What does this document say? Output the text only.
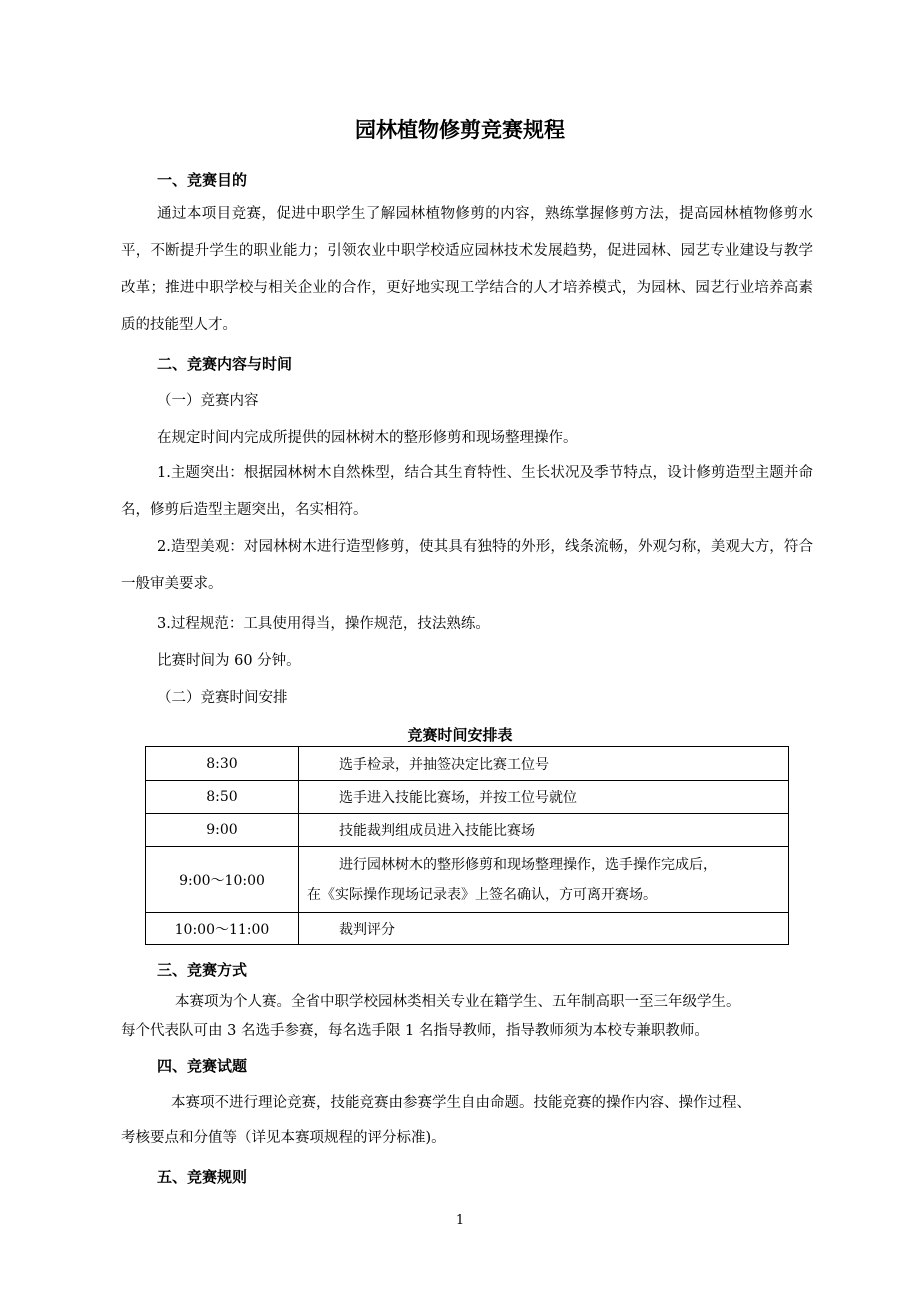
园林植物修剪竞赛规程
一、竞赛目的
通过本项目竞赛，促进中职学生了解园林植物修剪的内容，熟练掌握修剪方法，提高园林植物修剪水平，不断提升学生的职业能力；引领农业中职学校适应园林技术发展趋势，促进园林、园艺专业建设与教学改革；推进中职学校与相关企业的合作，更好地实现工学结合的人才培养模式，为园林、园艺行业培养高素质的技能型人才。
二、竞赛内容与时间
（一）竞赛内容
在规定时间内完成所提供的园林树木的整形修剪和现场整理操作。
1.主题突出：根据园林树木自然株型，结合其生育特性、生长状况及季节特点，设计修剪造型主题并命名，修剪后造型主题突出，名实相符。
2.造型美观：对园林树木进行造型修剪，使其具有独特的外形，线条流畅，外观匀称，美观大方，符合一般审美要求。
3.过程规范：工具使用得当，操作规范，技法熟练。
比赛时间为 60 分钟。
（二）竞赛时间安排
竞赛时间安排表
8:30	选手检录，并抽签决定比赛工位号
8:50	选手进入技能比赛场，并按工位号就位
9:00	技能裁判组成员进入技能比赛场
9:00～10:00	进行园林树木的整形修剪和现场整理操作，选手操作完成后，
在《实际操作现场记录表》上签名确认，方可离开赛场。

10:00～11:00	裁判评分
三、竞赛方式
本赛项为个人赛。全省中职学校园林类相关专业在籍学生、五年制高职一至三年级学生。
每个代表队可由 3 名选手参赛，每名选手限 1 名指导教师，指导教师须为本校专兼职教师。
四、竞赛试题
本赛项不进行理论竞赛，技能竞赛由参赛学生自由命题。技能竞赛的操作内容、操作过程、
考核要点和分值等（详见本赛项规程的评分标准)。
五、竞赛规则
1
